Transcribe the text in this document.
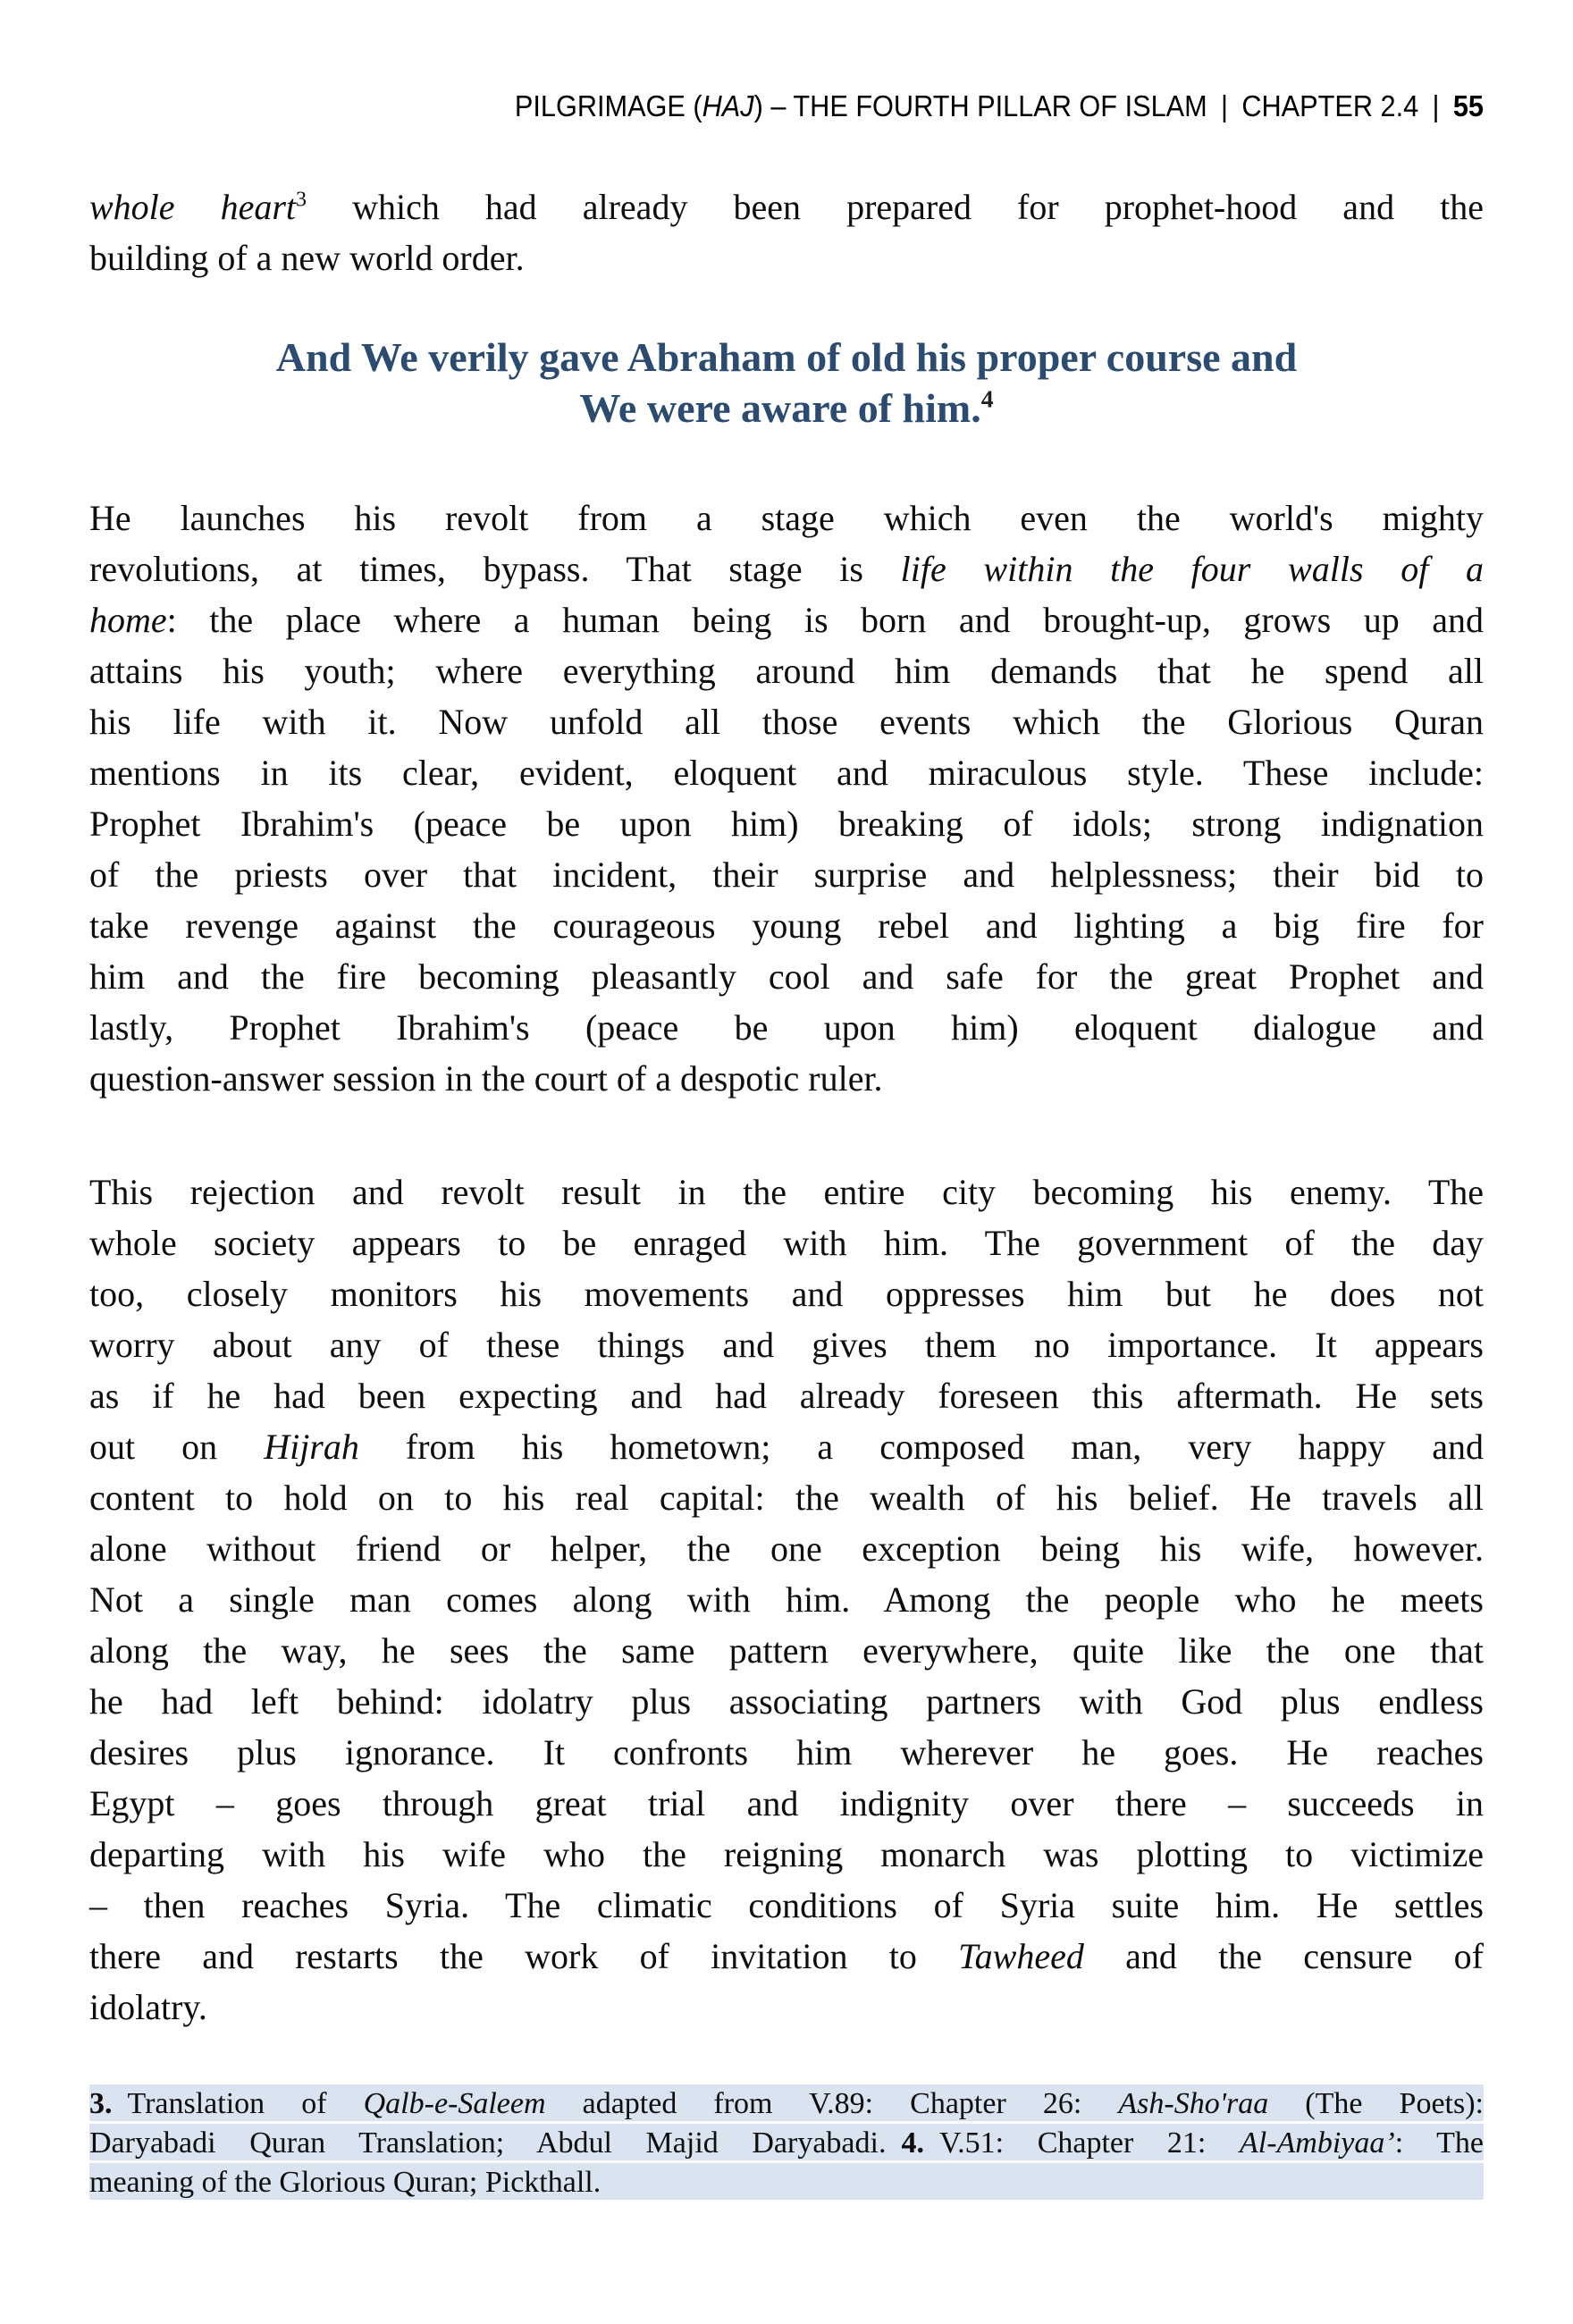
PILGRIMAGE (HAJ) – THE FOURTH PILLAR OF ISLAM | CHAPTER 2.4 | 55
whole heart$^3$ which had already been prepared for prophet-hood and the
building of a new world order.
And We verily gave Abraham of old his proper course and
We were aware of him.$^4$
He launches his revolt from a stage which even the world's mighty
revolutions, at times, bypass. That stage is life within the four walls of a
home: the place where a human being is born and brought-up, grows up and
attains his youth; where everything around him demands that he spend all
his life with it. Now unfold all those events which the Glorious Quran
mentions in its clear, evident, eloquent and miraculous style. These include:
Prophet Ibrahim's (peace be upon him) breaking of idols; strong indignation
of the priests over that incident, their surprise and helplessness; their bid to
take revenge against the courageous young rebel and lighting a big fire for
him and the fire becoming pleasantly cool and safe for the great Prophet and
lastly, Prophet Ibrahim's (peace be upon him) eloquent dialogue and
question-answer session in the court of a despotic ruler.
This rejection and revolt result in the entire city becoming his enemy. The
whole society appears to be enraged with him. The government of the day
too, closely monitors his movements and oppresses him but he does not
worry about any of these things and gives them no importance. It appears
as if he had been expecting and had already foreseen this aftermath. He sets
out on Hijrah from his hometown; a composed man, very happy and
content to hold on to his real capital: the wealth of his belief. He travels all
alone without friend or helper, the one exception being his wife, however.
Not a single man comes along with him. Among the people who he meets
along the way, he sees the same pattern everywhere, quite like the one that
he had left behind: idolatry plus associating partners with God plus endless
desires plus ignorance. It confronts him wherever he goes. He reaches
Egypt – goes through great trial and indignity over there – succeeds in
departing with his wife who the reigning monarch was plotting to victimize
– then reaches Syria. The climatic conditions of Syria suite him. He settles
there and restarts the work of invitation to Tawheed and the censure of
idolatry.
3. Translation of Qalb-e-Saleem adapted from V.89: Chapter 26: Ash-Sho'raa (The Poets):
Daryabadi Quran Translation; Abdul Majid Daryabadi. 4. V.51: Chapter 21: Al-Ambiyaa’: The
meaning of the Glorious Quran; Pickthall.
